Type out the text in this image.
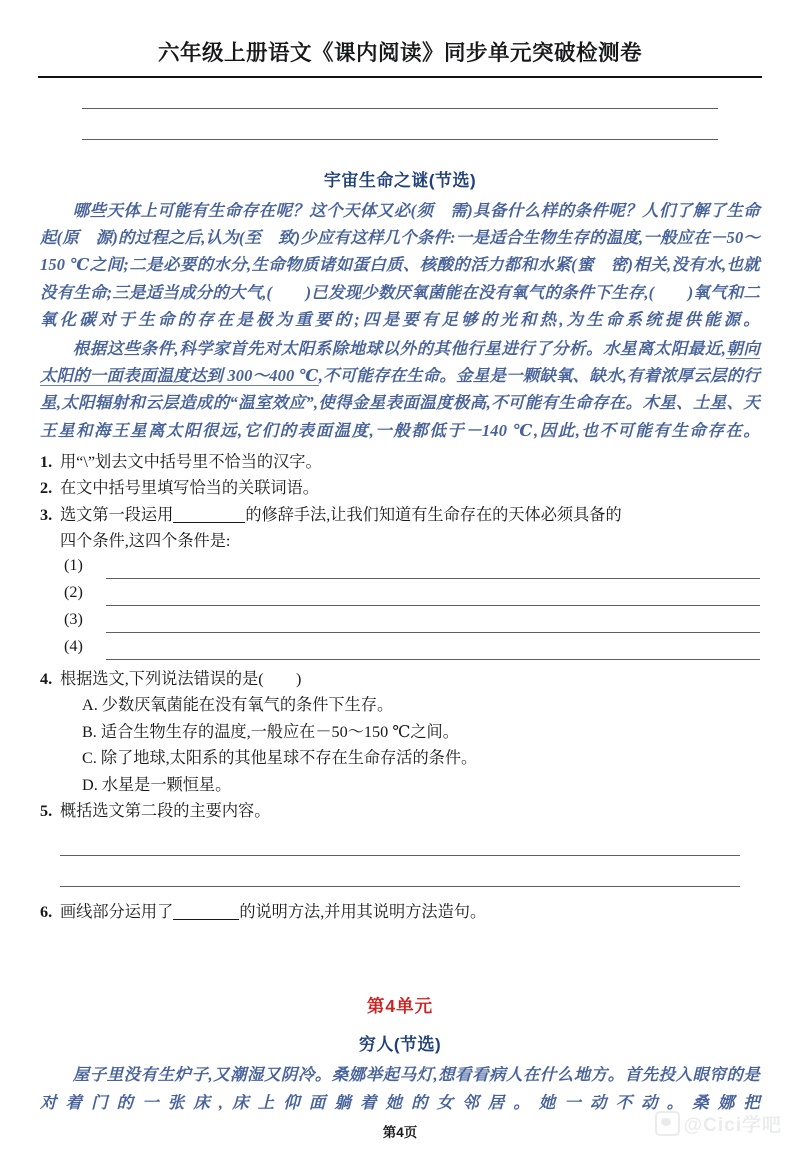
六年级上册语文《课内阅读》同步单元突破检测卷
宇宙生命之谜(节选)

哪些天体上可能有生命存在呢？这个天体又必(须　需)具备什么样的条件呢？人们了解了生命起(原　源)的过程之后,认为(至　致)少应有这样几个条件:一是适合生物生存的温度,一般应在－50～150 ℃之间;二是必要的水分,生命物质诸如蛋白质、核酸的活力都和水紧(蜜　密)相关,没有水,也就没有生命;三是适当成分的大气,(　　)已发现少数厌氧菌能在没有氧气的条件下生存,(　　)氧气和二氧化碳对于生命的存在是极为重要的;四是要有足够的光和热,为生命系统提供能源。

根据这些条件,科学家首先对太阳系除地球以外的其他行星进行了分析。水星离太阳最近,朝向太阳的一面表面温度达到 300～400 ℃,不可能存在生命。金星是一颗缺氧、缺水,有着浓厚云层的行星,太阳辐射和云层造成的“温室效应”,使得金星表面温度极高,不可能有生命存在。木星、土星、天王星和海王星离太阳很远,它们的表面温度,一般都低于－140 ℃,因此,也不可能有生命存在。

1. 用“\”划去文中括号里不恰当的汉字。
2. 在文中括号里填写恰当的关联词语。
3. 选文第一段运用	的修辞手法,让我们知道有生命存在的天体必须具备的
四个条件,这四个条件是:
(1)
(2)
(3)
(4)
4. 根据选文,下列说法错误的是(　　)
A. 少数厌氧菌能在没有氧气的条件下生存。
B. 适合生物生存的温度,一般应在－50～150 ℃之间。
C. 除了地球,太阳系的其他星球不存在生命存活的条件。
D. 水星是一颗恒星。
5. 概括选文第二段的主要内容。
6. 画线部分运用了	的说明方法,并用其说明方法造句。
第4单元
穷人(节选)

屋子里没有生炉子,又潮湿又阴冷。桑娜举起马灯,想看看病人在什么地方。首先投入眼帘的是对着门的一张床,床上仰面躺着她的女邻居。她一动不动。桑娜把

第4页	@Cici学吧
